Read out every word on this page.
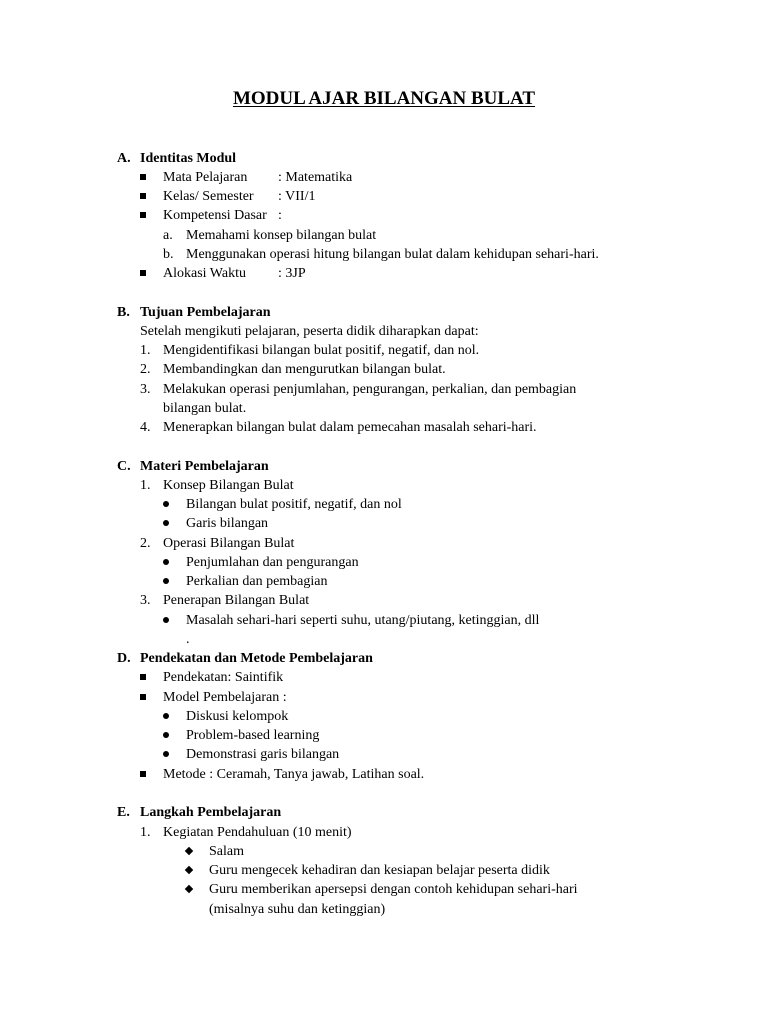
MODUL AJAR BILANGAN BULAT
A. Identitas Modul
Mata Pelajaran : Matematika
Kelas/ Semester : VII/1
Kompetensi Dasar :
a. Memahami konsep bilangan bulat
b. Menggunakan operasi hitung bilangan bulat dalam kehidupan sehari-hari.
Alokasi Waktu : 3JP
B. Tujuan Pembelajaran
Setelah mengikuti pelajaran, peserta didik diharapkan dapat:
1. Mengidentifikasi bilangan bulat positif, negatif, dan nol.
2. Membandingkan dan mengurutkan bilangan bulat.
3. Melakukan operasi penjumlahan, pengurangan, perkalian, dan pembagian
bilangan bulat.
4. Menerapkan bilangan bulat dalam pemecahan masalah sehari-hari.
C. Materi Pembelajaran
1. Konsep Bilangan Bulat
Bilangan bulat positif, negatif, dan nol
Garis bilangan
2. Operasi Bilangan Bulat
Penjumlahan dan pengurangan
Perkalian dan pembagian
3. Penerapan Bilangan Bulat
Masalah sehari-hari seperti suhu, utang/piutang, ketinggian, dll
.
D. Pendekatan dan Metode Pembelajaran
Pendekatan: Saintifik
Model Pembelajaran :
Diskusi kelompok
Problem-based learning
Demonstrasi garis bilangan
Metode : Ceramah, Tanya jawab, Latihan soal.
E. Langkah Pembelajaran
1. Kegiatan Pendahuluan (10 menit)
Salam
Guru mengecek kehadiran dan kesiapan belajar peserta didik
Guru memberikan apersepsi dengan contoh kehidupan sehari-hari
(misalnya suhu dan ketinggian)
